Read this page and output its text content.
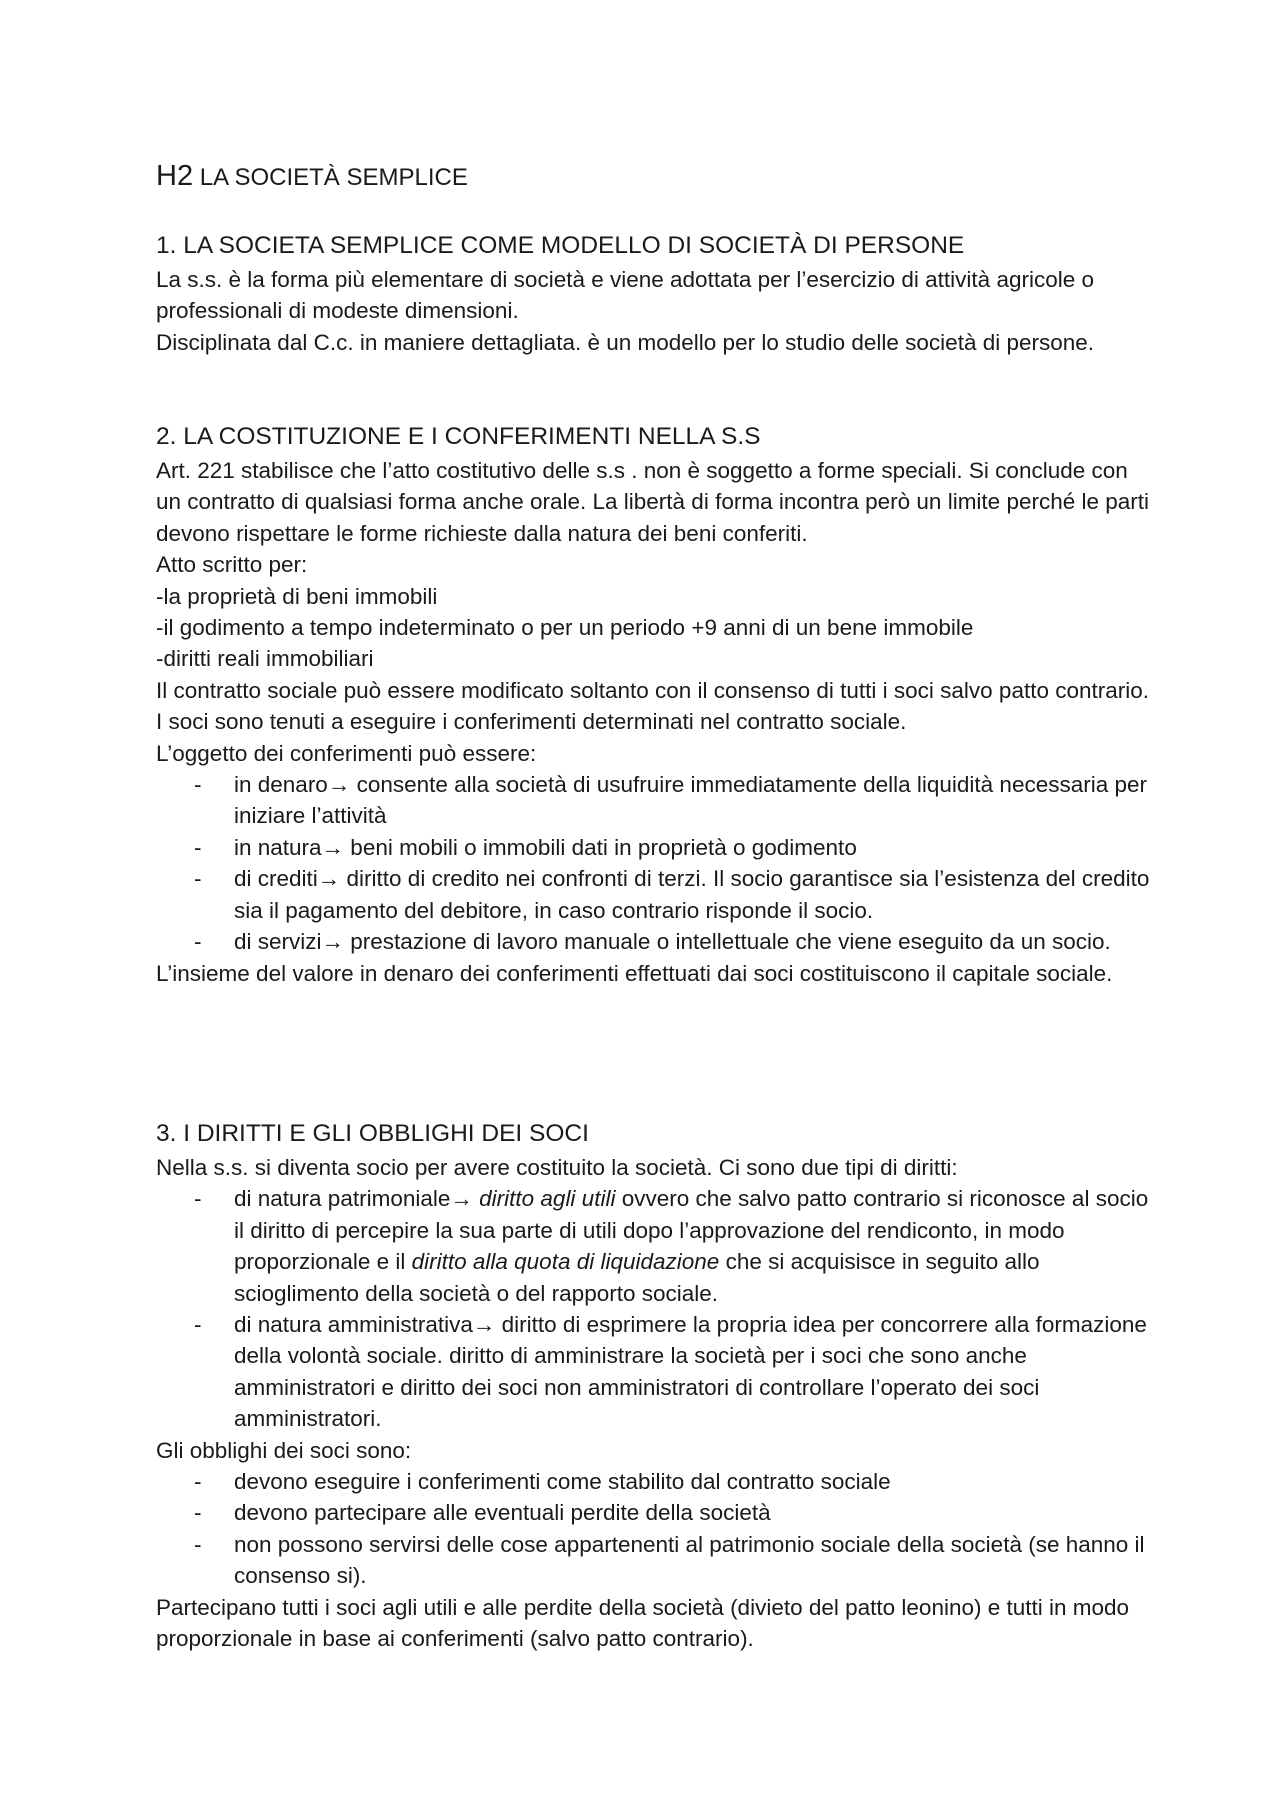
H2 LA SOCIETÀ SEMPLICE
1. LA SOCIETA SEMPLICE COME MODELLO DI SOCIETÀ DI PERSONE

La s.s. è la forma più elementare di società e viene adottata per l’esercizio di attività agricole o professionali di modeste dimensioni.

Disciplinata dal C.c. in maniere dettagliata. è un modello per lo studio delle società di persone.

2. LA COSTITUZIONE E I CONFERIMENTI NELLA S.S

Art. 221 stabilisce che l’atto costitutivo delle s.s . non è soggetto a forme speciali. Si conclude con un contratto di qualsiasi forma anche orale. La libertà di forma incontra però un limite perché le parti devono rispettare le forme richieste dalla natura dei beni conferiti.

Atto scritto per:

-la proprietà di beni immobili

-il godimento a tempo indeterminato o per un periodo +9 anni di un bene immobile

-diritti reali immobiliari

Il contratto sociale può essere modificato soltanto con il consenso di tutti i soci salvo patto contrario.

I soci sono tenuti a eseguire i conferimenti determinati nel contratto sociale.

L’oggetto dei conferimenti può essere:

- in denaro→ consente alla società di usufruire immediatamente della liquidità necessaria per iniziare l’attività
- in natura→ beni mobili o immobili dati in proprietà o godimento
- di crediti→ diritto di credito nei confronti di terzi. Il socio garantisce sia l’esistenza del credito sia il pagamento del debitore, in caso contrario risponde il socio.
- di servizi→ prestazione di lavoro manuale o intellettuale che viene eseguito da un socio.

L’insieme del valore in denaro dei conferimenti effettuati dai soci costituiscono il capitale sociale.

3. I DIRITTI E GLI OBBLIGHI DEI SOCI

Nella s.s. si diventa socio per avere costituito la società. Ci sono due tipi di diritti:

- di natura patrimoniale→ diritto agli utili ovvero che salvo patto contrario si riconosce al socio il diritto di percepire la sua parte di utili dopo l’approvazione del rendiconto, in modo proporzionale e il diritto alla quota di liquidazione che si acquisisce in seguito allo scioglimento della società o del rapporto sociale.
- di natura amministrativa→ diritto di esprimere la propria idea per concorrere alla formazione della volontà sociale. diritto di amministrare la società per i soci che sono anche amministratori e diritto dei soci non amministratori di controllare l’operato dei soci amministratori.

Gli obblighi dei soci sono:

- devono eseguire i conferimenti come stabilito dal contratto sociale
- devono partecipare alle eventuali perdite della società
- non possono servirsi delle cose appartenenti al patrimonio sociale della società (se hanno il consenso si).

Partecipano tutti i soci agli utili e alle perdite della società (divieto del patto leonino) e tutti in modo proporzionale in base ai conferimenti (salvo patto contrario).
